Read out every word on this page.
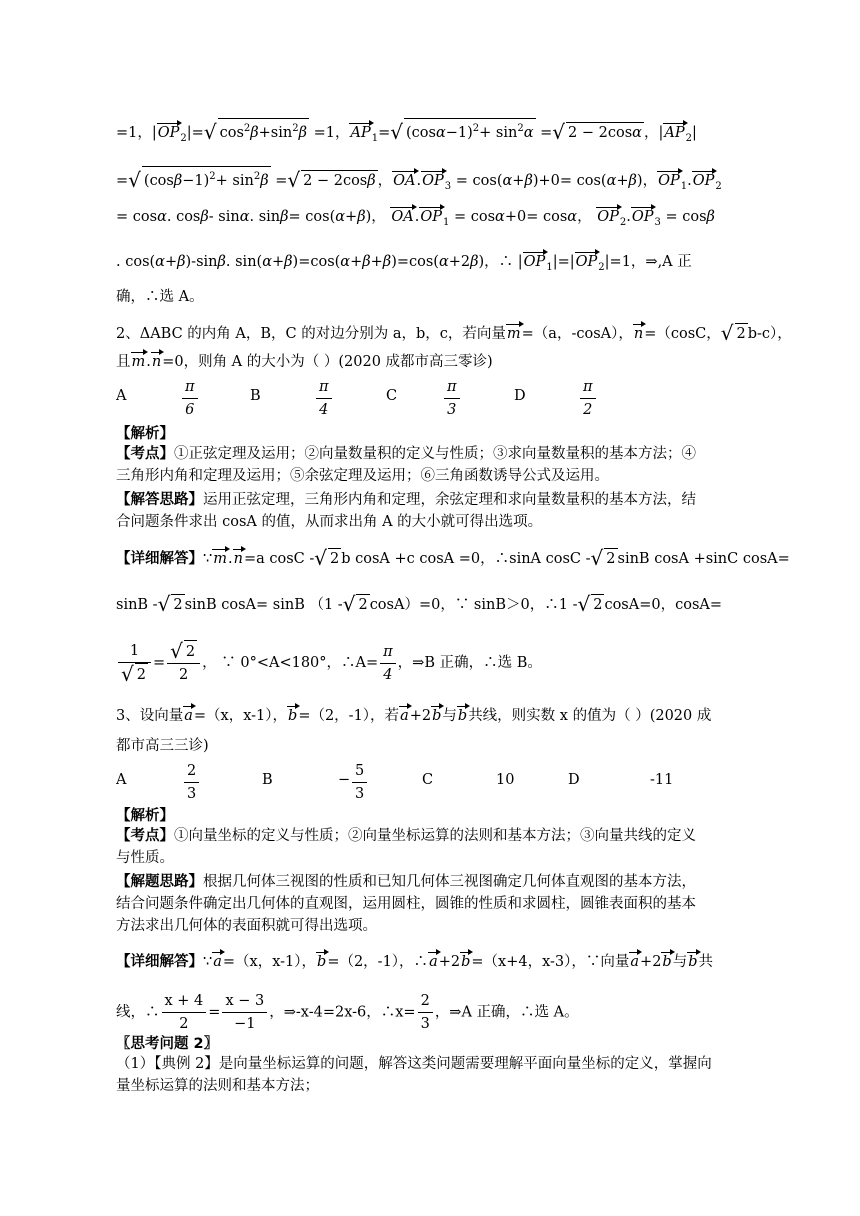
=1，$|OP_2|=√$ $\cos^2\beta+\sin^2\beta =1$，$AP_1=√$ $(\cos\alpha-1)^2+ \sin^2\alpha$ =√ 2 − 2cosα ，$|AP_2|$
=√ $(\cos\beta-1)^2+ \sin^2\beta$ =√ 2 − 2cosβ ，$OA.OP_3 = \cos(\alpha+\beta)+0= \cos(\alpha+\beta)$，$OP_1.OP_2$
= cosα. cosβ- sinα. sinβ= cos(α+β)， $OA.OP_1 = \cos\alpha+0= \cos\alpha$， $OP_2.OP_3 = \cos\beta$
. cos(α+β)-sinβ. sin(α+β)=cos(α+β+β)=cos(α+2β)，∴ $|OP_1|=|OP_2|=1$，⇒,A 正
确，∴选 A。
2、ΔABC 的内角 A，B，C 的对边分别为 a，b，c，若向量m=（a，-cosA），n=（cosC，√ 2 b-c），
且m.n=0，则角 A 的大小为（ ）(2020 成都市高三零诊)
A	$\frac{\pi}{6}$	B	$\frac{\pi}{4}$	C	$\frac{\pi}{3}$	D	$\frac{\pi}{2}$
【解析】
【考点】①正弦定理及运用；②向量数量积的定义与性质；③求向量数量积的基本方法；④
三角形内角和定理及运用；⑤余弦定理及运用；⑥三角函数诱导公式及运用。
【解答思路】运用正弦定理，三角形内角和定理，余弦定理和求向量数量积的基本方法，结
合问题条件求出 cosA 的值，从而求出角 A 的大小就可得出选项。
【详细解答】∵m.n=a cosC -√ 2 b cosA +c cosA =0，∴sinA cosC -√ 2 sinB cosA +sinC cosA=
sinB -√ 2 sinB cosA= sinB （1 -√ 2 cosA）=0，∵ sinB＞0，∴1 -√ 2 cosA=0，cosA=
$\frac{1}{√ 2} = \frac{√ 2}{2}$ ， ∵ 0°<A<180°，∴A= $\frac{\pi}{4}$ ，⇒B 正确，∴选 B。
3、设向量a=（x，x-1），b=（2，-1），若a+2b与b共线，则实数 x 的值为（ ）(2020 成
都市高三三诊)
A	$\frac{2}{3}$	B	− $\frac{5}{3}$	C	10	D	-11
【解析】
【考点】①向量坐标的定义与性质；②向量坐标运算的法则和基本方法；③向量共线的定义
与性质。
【解题思路】根据几何体三视图的性质和已知几何体三视图确定几何体直观图的基本方法，
结合问题条件确定出几何体的直观图，运用圆柱，圆锥的性质和求圆柱，圆锥表面积的基本
方法求出几何体的表面积就可得出选项。
【详细解答】∵a=（x，x-1），b=（2，-1），∴a+2b=（x+4，x-3），∵向量a+2b与b共
线，∴ $\frac{x + 4}{2} = \frac{x - 3}{-1}$ ，⇒-x-4=2x-6，∴x= $\frac{2}{3}$ ，⇒A 正确，∴选 A。
〖思考问题 2〗
（1）【典例 2】是向量坐标运算的问题，解答这类问题需要理解平面向量坐标的定义，掌握向
量坐标运算的法则和基本方法；
